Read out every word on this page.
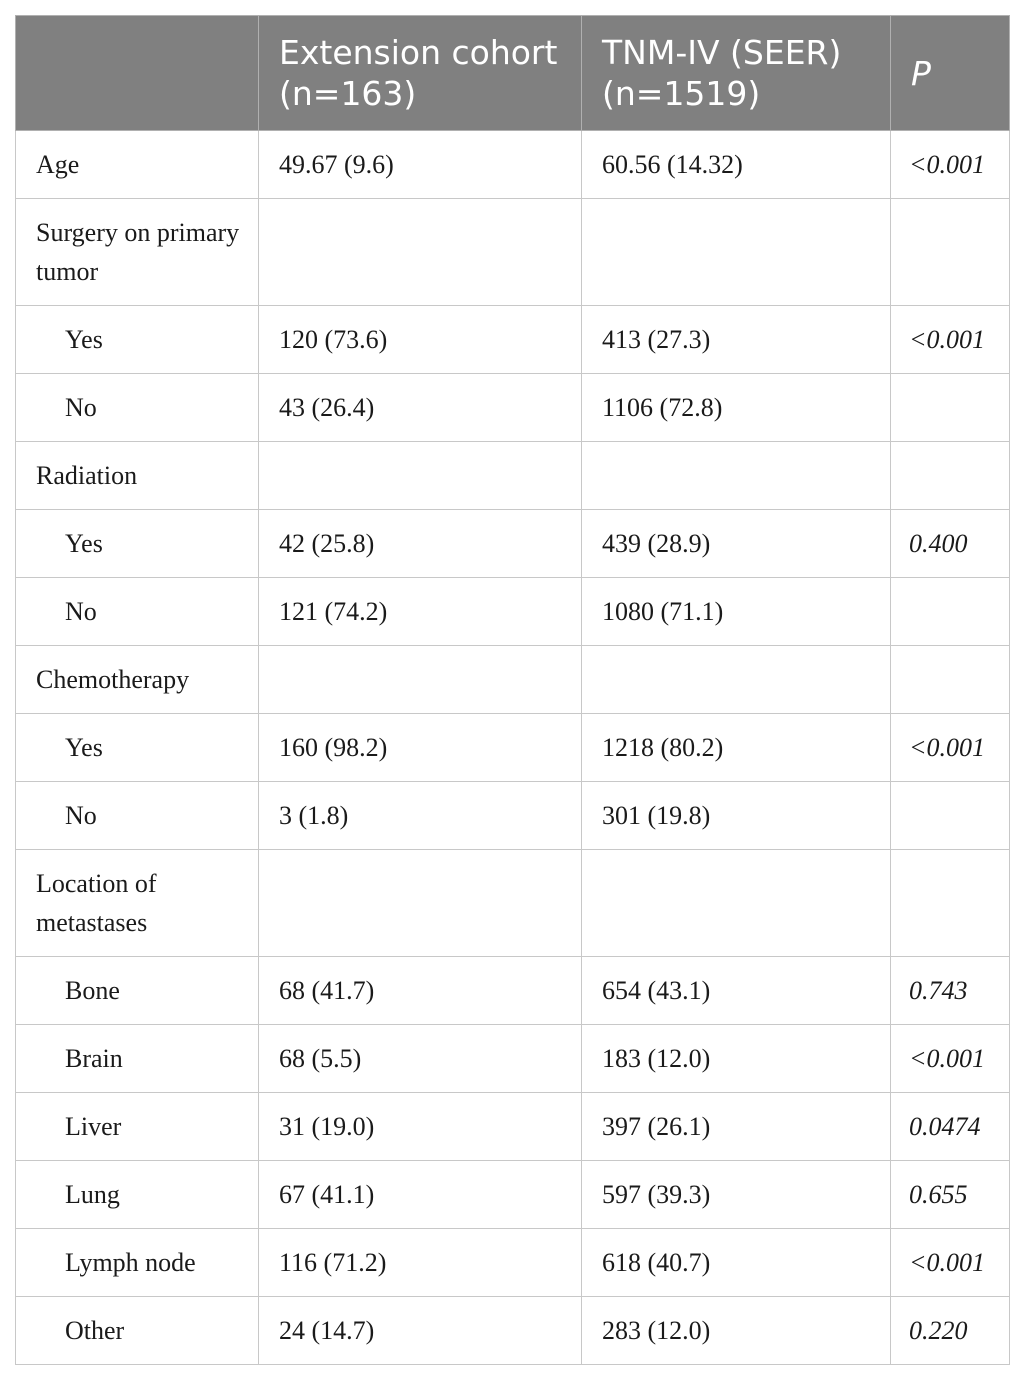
	Extension cohort (n=163)	TNM-IV (SEER) (n=1519)	P
Age	49.67 (9.6)	60.56 (14.32)	<0.001
Surgery on primary tumor			
Yes	120 (73.6)	413 (27.3)	<0.001
No	43 (26.4)	1106 (72.8)	
Radiation			
Yes	42 (25.8)	439 (28.9)	0.400
No	121 (74.2)	1080 (71.1)	
Chemotherapy			
Yes	160 (98.2)	1218 (80.2)	<0.001
No	3 (1.8)	301 (19.8)	
Location of metastases			
Bone	68 (41.7)	654 (43.1)	0.743
Brain	68 (5.5)	183 (12.0)	<0.001
Liver	31 (19.0)	397 (26.1)	0.0474
Lung	67 (41.1)	597 (39.3)	0.655
Lymph node	116 (71.2)	618 (40.7)	<0.001
Other	24 (14.7)	283 (12.0)	0.220
